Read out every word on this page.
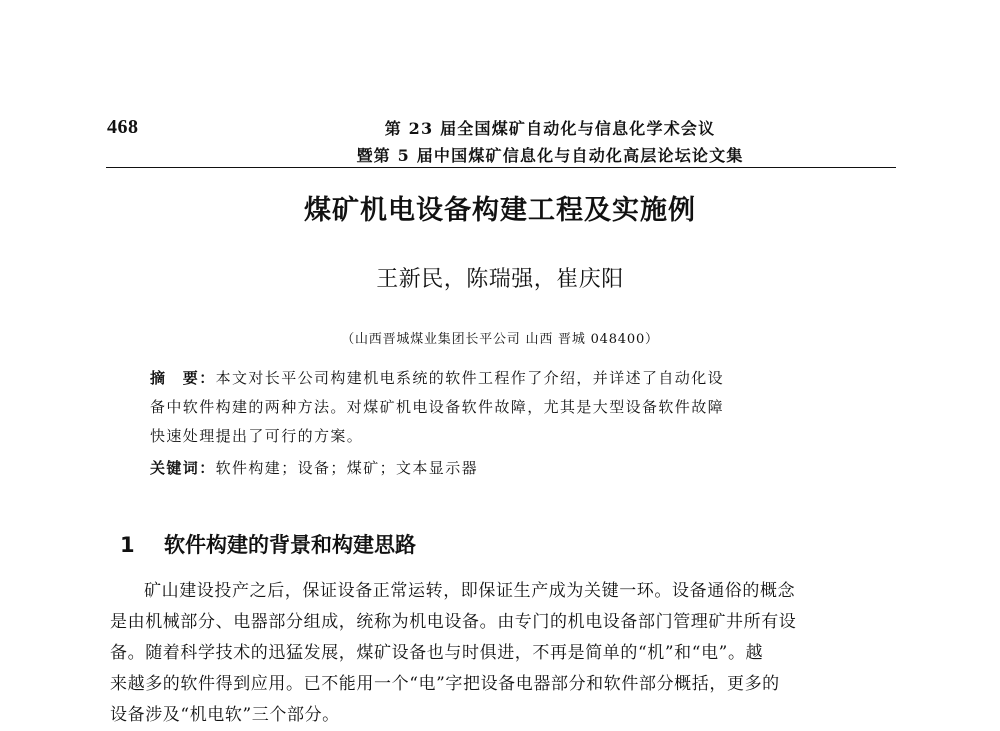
468	第 23 届全国煤矿自动化与信息化学术会议
暨第 5 届中国煤矿信息化与自动化高层论坛论文集
煤矿机电设备构建工程及实施例
王新民，陈瑞强，崔庆阳
（山西晋城煤业集团长平公司 山西 晋城 048400）
摘　要：本文对长平公司构建机电系统的软件工程作了介绍，并详述了自动化设
备中软件构建的两种方法。对煤矿机电设备软件故障，尤其是大型设备软件故障
快速处理提出了可行的方案。
关键词：软件构建；设备；煤矿；文本显示器
1 软件构建的背景和构建思路
矿山建设投产之后，保证设备正常运转，即保证生产成为关键一环。设备通俗的概念
是由机械部分、电器部分组成，统称为机电设备。由专门的机电设备部门管理矿井所有设
备。随着科学技术的迅猛发展，煤矿设备也与时俱进，不再是简单的“机”和“电”。越
来越多的软件得到应用。已不能用一个“电”字把设备电器部分和软件部分概括，更多的
设备涉及“机电软”三个部分。
